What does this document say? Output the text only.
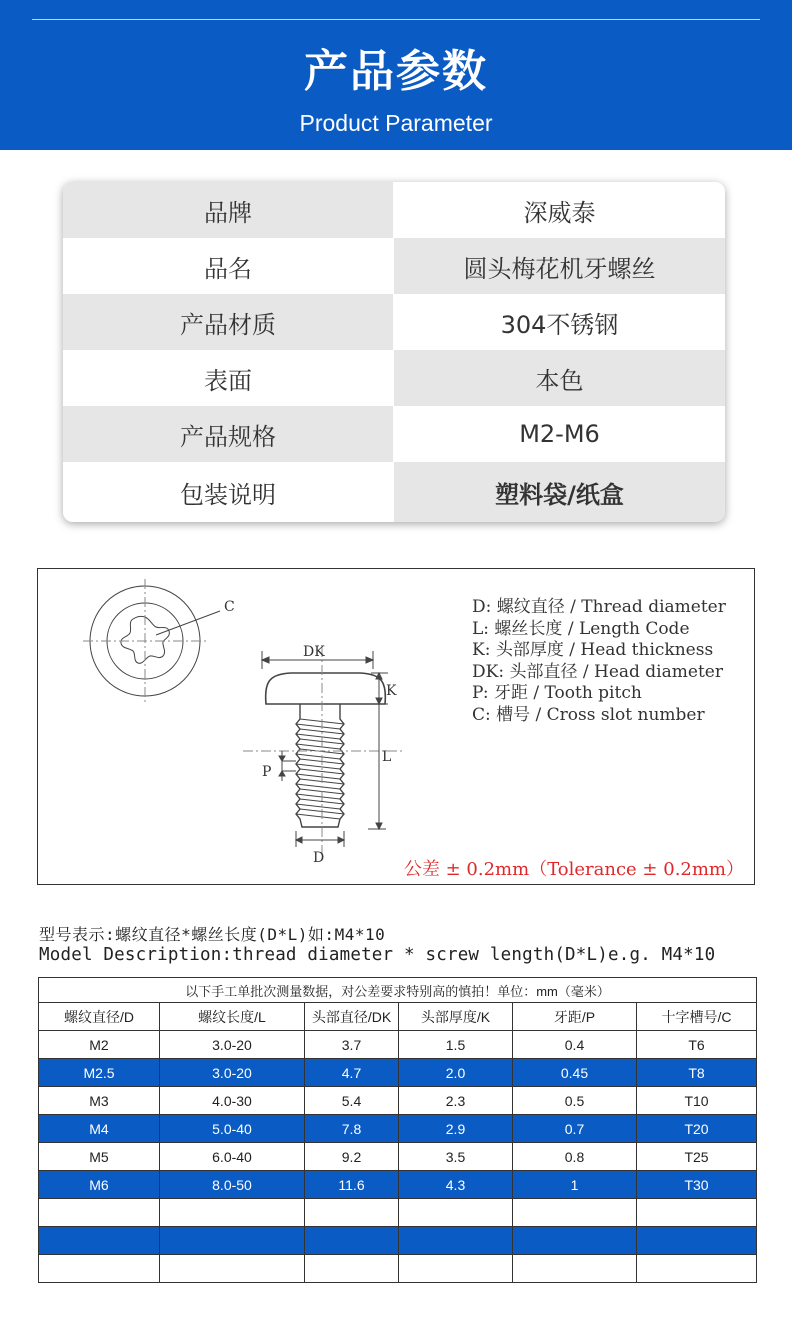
产品参数
Product Parameter
品牌	深威泰
品名	圆头梅花机牙螺丝
产品材质	304不锈钢
表面	本色
产品规格	M2-M6
包装说明	塑料袋/纸盒
C
DK
K
L
P
D
D: 螺纹直径 / Thread diameter
L: 螺丝长度 / Length Code
K: 头部厚度 / Head thickness
DK: 头部直径 / Head diameter
P: 牙距 / Tooth pitch
C: 槽号 / Cross slot number
公差 ± 0.2mm（Tolerance ± 0.2mm）
型号表示:螺纹直径*螺丝长度(D*L)如:M4*10
Model Description:thread diameter * screw length(D*L)e.g. M4*10
以下手工单批次测量数据，对公差要求特别高的慎拍！单位：mm（毫米）					
螺纹直径/D	螺纹长度/L	头部直径/DK	头部厚度/K	牙距/P	十字槽号/C
M2	3.0-20	3.7	1.5	0.4	T6
M2.5	3.0-20	4.7	2.0	0.45	T8
M3	4.0-30	5.4	2.3	0.5	T10
M4	5.0-40	7.8	2.9	0.7	T20
M5	6.0-40	9.2	3.5	0.8	T25
M6	8.0-50	11.6	4.3	1	T30
